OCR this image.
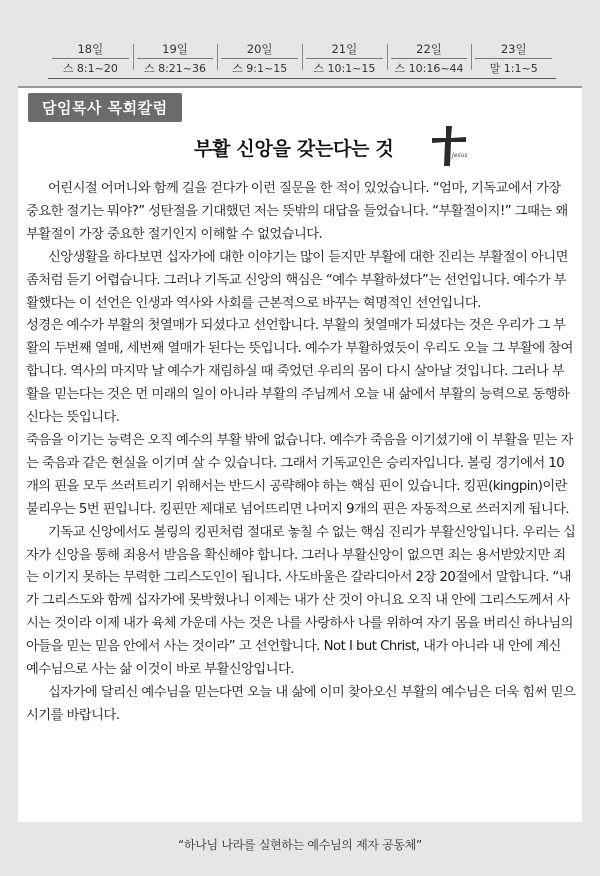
18일
스 8:1~20
19일
스 8:21~36
20일
스 9:1~15
21일
스 10:1~15
22일
스 10:16~44
23일
말 1:1~5
담임목사 목회칼럼
부활 신앙을 갖는다는 것	Jesus

어린시절 어머니와 함께 길을 걷다가 이런 질문을 한 적이 있었습니다. “엄마, 기독교에서 가장 중요한 절기는 뭐야?” 성탄절을 기대했던 저는 뜻밖의 대답을 들었습니다. “부활절이지!” 그때는 왜 부활절이 가장 중요한 절기인지 이해할 수 없었습니다.

신앙생활을 하다보면 십자가에 대한 이야기는 많이 듣지만 부활에 대한 진리는 부활절이 아니면 좀처럼 듣기 어렵습니다. 그러나 기독교 신앙의 핵심은 “예수 부활하셨다”는 선언입니다. 예수가 부활했다는 이 선언은 인생과 역사와 사회를 근본적으로 바꾸는 혁명적인 선언입니다.

성경은 예수가 부활의 첫열매가 되셨다고 선언합니다. 부활의 첫열매가 되셨다는 것은 우리가 그 부활의 두번째 열매, 세번째 열매가 된다는 뜻입니다. 예수가 부활하였듯이 우리도 오늘 그 부활에 참여합니다. 역사의 마지막 날 예수가 재림하실 때 죽었던 우리의 몸이 다시 살아날 것입니다. 그러나 부활을 믿는다는 것은 먼 미래의 일이 아니라 부활의 주님께서 오늘 내 삶에서 부활의 능력으로 동행하신다는 뜻입니다.

죽음을 이기는 능력은 오직 예수의 부활 밖에 없습니다. 예수가 죽음을 이기셨기에 이 부활을 믿는 자는 죽음과 같은 현실을 이기며 살 수 있습니다. 그래서 기독교인은 승리자입니다. 볼링 경기에서 10개의 핀을 모두 쓰러트리기 위해서는 반드시 공략해야 하는 핵심 핀이 있습니다. 킹핀(kingpin)이란 불리우는 5번 핀입니다. 킹핀만 제대로 넘어뜨리면 나머지 9개의 핀은 자동적으로 쓰러지게 됩니다.

기독교 신앙에서도 볼링의 킹핀처럼 절대로 놓칠 수 없는 핵심 진리가 부활신앙입니다. 우리는 십자가 신앙을 통해 죄용서 받음을 확신해야 합니다. 그러나 부활신앙이 없으면 죄는 용서받았지만 죄는 이기지 못하는 무력한 그리스도인이 됩니다. 사도바울은 갈라디아서 2장 20절에서 말합니다. “내가 그리스도와 함께 십자가에 못박혔나니 이제는 내가 산 것이 아니요 오직 내 안에 그리스도께서 사시는 것이라 이제 내가 육체 가운데 사는 것은 나를 사랑하사 나를 위하여 자기 몸을 버리신 하나님의 아들을 믿는 믿음 안에서 사는 것이라” 고 선언합니다. Not I but Christ, 내가 아니라 내 안에 계신 예수님으로 사는 삶 이것이 바로 부활신앙입니다.

십자가에 달리신 예수님을 믿는다면 오늘 내 삶에 이미 찾아오신 부활의 예수님은 더욱 힘써 믿으시기를 바랍니다.

“하나님 나라를 실현하는 예수님의 제자 공동체”
